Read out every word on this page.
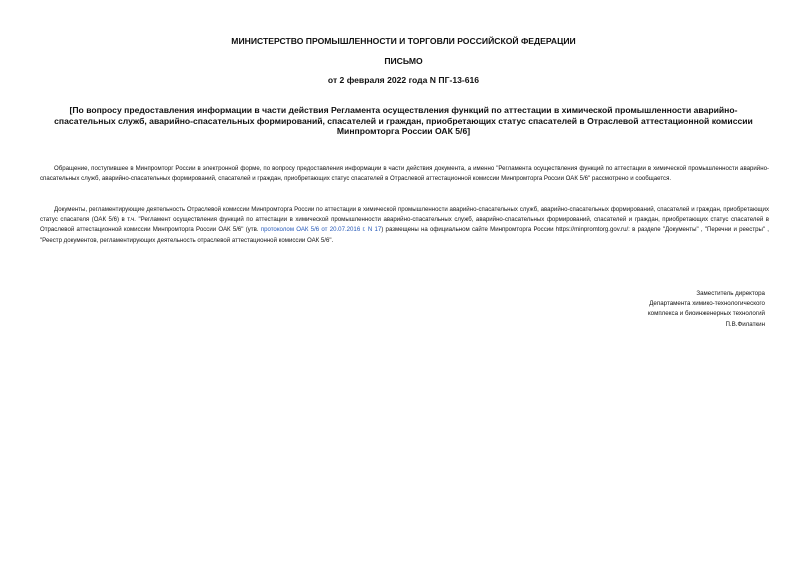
МИНИСТЕРСТВО ПРОМЫШЛЕННОСТИ И ТОРГОВЛИ РОССИЙСКОЙ ФЕДЕРАЦИИ
ПИСЬМО
от 2 февраля 2022 года N ПГ-13-616
[По вопросу предоставления информации в части действия Регламента осуществления функций по аттестации в химической промышленности аварийно-спасательных служб, аварийно-спасательных формирований, спасателей и граждан, приобретающих статус спасателей в Отраслевой аттестационной комиссии Минпромторга России ОАК 5/6]
Обращение, поступившее в Минпромторг России в электронной форме, по вопросу предоставления информации в части действия документа, а именно "Регламента осуществления функций по аттестации в химической промышленности аварийно-спасательных служб, аварийно-спасательных формирований, спасателей и граждан, приобретающих статус спасателей в Отраслевой аттестационной комиссии Минпромторга России ОАК 5/6" рассмотрено и сообщается.
Документы, регламентирующие деятельность Отраслевой комиссии Минпромторга России по аттестации в химической промышленности аварийно-спасательных служб, аварийно-спасательных формирований, спасателей и граждан, приобретающих статус спасателя (ОАК 5/6) в т.ч. "Регламент осуществления функций по аттестации в химической промышленности аварийно-спасательных служб, аварийно-спасательных формирований, спасателей и граждан, приобретающих статус спасателей в Отраслевой аттестационной комиссии Минпромторга России ОАК 5/6" (утв. протоколом ОАК 5/6 от 20.07.2016 г. N 17) размещены на официальном сайте Минпромторга России https://minpromtorg.gov.ru/: в разделе "Документы" , "Перечни и реестры" , "Реестр документов, регламентирующих деятельность отраслевой аттестационной комиссии ОАК 5/6".
Заместитель директора
Департамента химико-технологического
комплекса и биоинженерных технологий
П.В.Филаткин
